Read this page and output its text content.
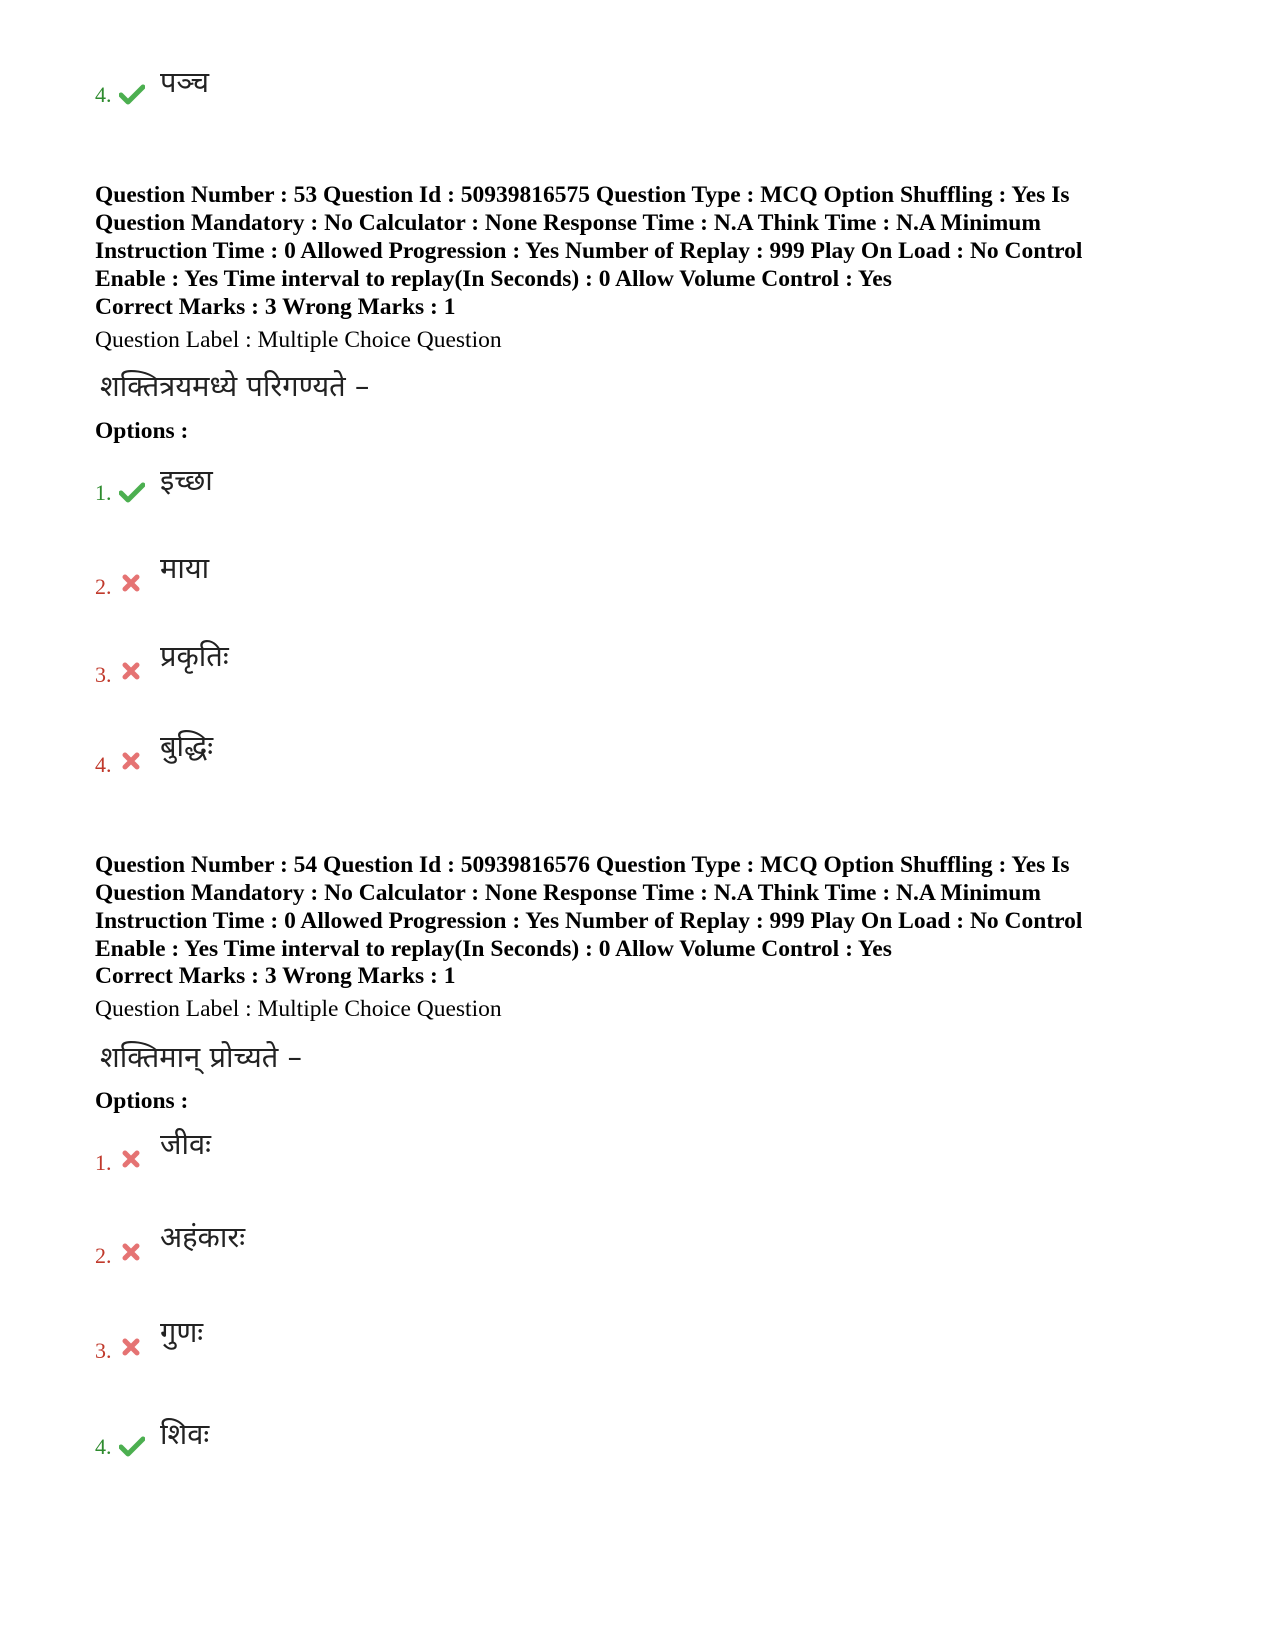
4. पञ्च
Question Number : 53 Question Id : 50939816575 Question Type : MCQ Option Shuffling : Yes Is
Question Mandatory : No Calculator : None Response Time : N.A Think Time : N.A Minimum
Instruction Time : 0 Allowed Progression : Yes Number of Replay : 999 Play On Load : No Control
Enable : Yes Time interval to replay(In Seconds) : 0 Allow Volume Control : Yes
Correct Marks : 3 Wrong Marks : 1
Question Label : Multiple Choice Question
शक्तित्रयमध्ये परिगण्यते –
Options :
1. इच्छा
2.
माया
3.
प्रकृतिः
4.
बुद्धिः
Question Number : 54 Question Id : 50939816576 Question Type : MCQ Option Shuffling : Yes Is
Question Mandatory : No Calculator : None Response Time : N.A Think Time : N.A Minimum
Instruction Time : 0 Allowed Progression : Yes Number of Replay : 999 Play On Load : No Control
Enable : Yes Time interval to replay(In Seconds) : 0 Allow Volume Control : Yes
Correct Marks : 3 Wrong Marks : 1
Question Label : Multiple Choice Question
शक्तिमान् प्रोच्यते –
Options :
1.
जीवः
2.
अहंकारः
3.
गुणः
4. शिवः
